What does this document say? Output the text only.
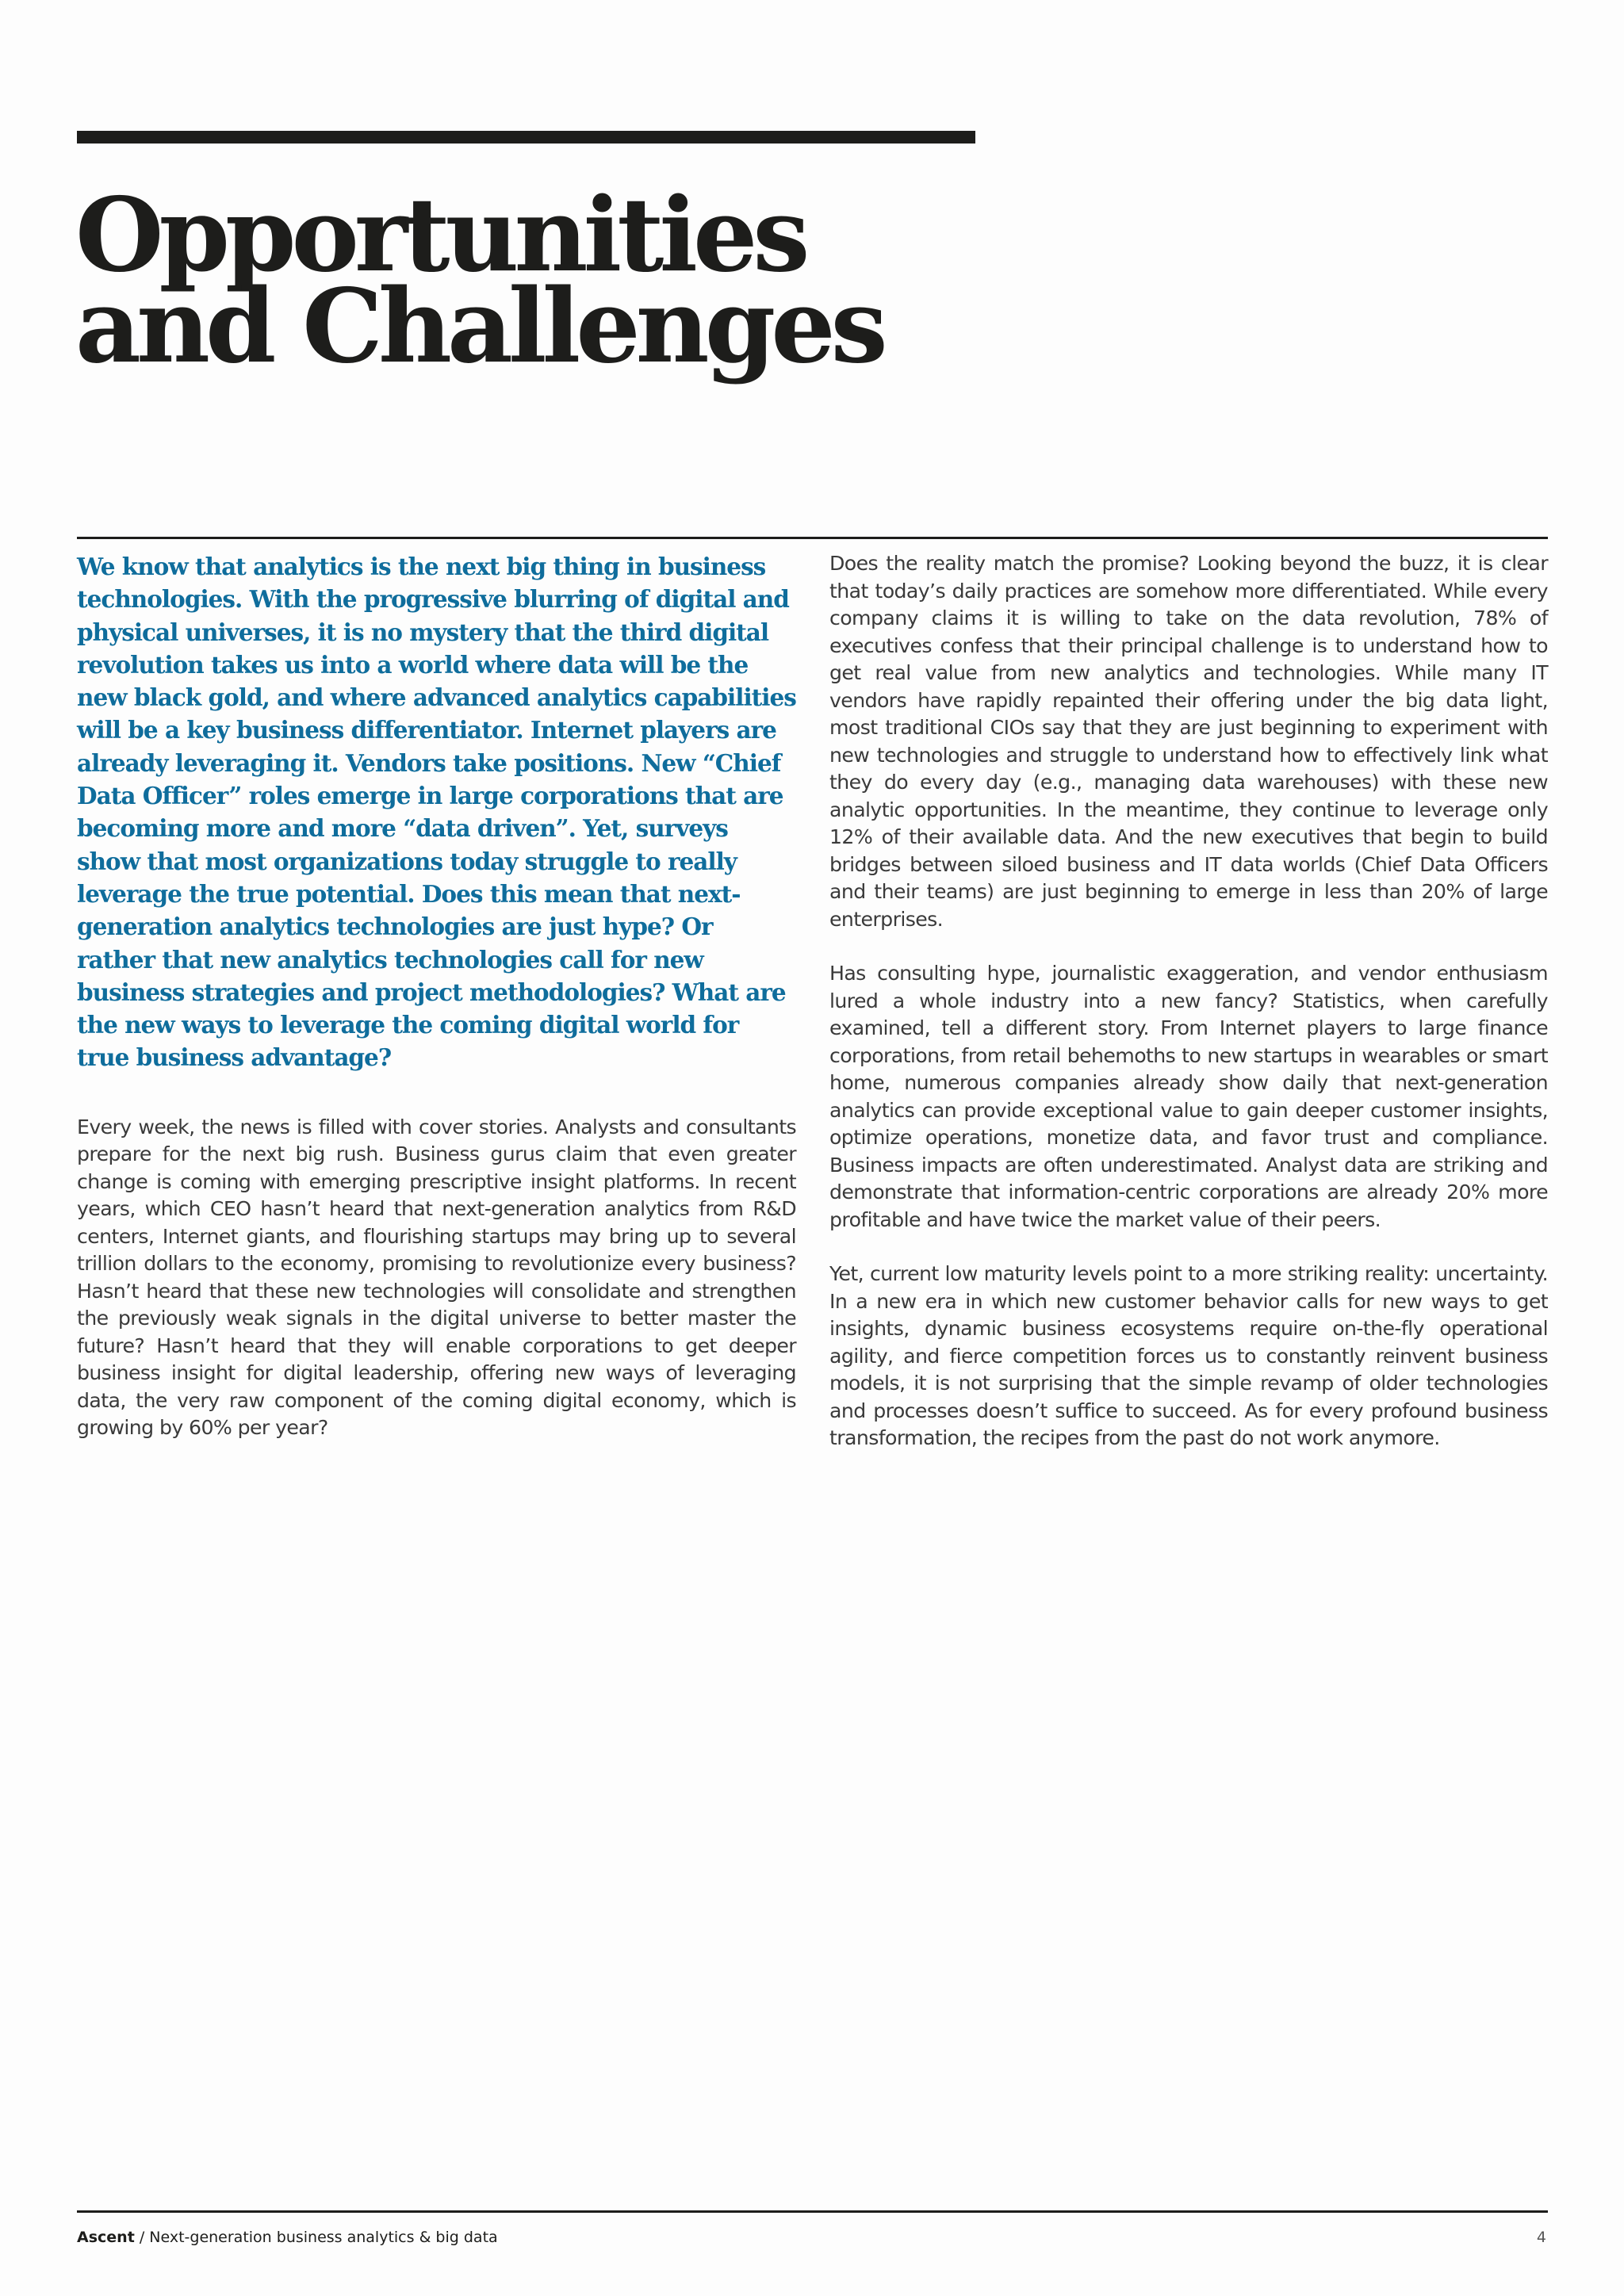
Opportunities and Challenges

We know that analytics is the next big thing in business technologies. With the progressive blurring of digital and physical universes, it is no mystery that the third digital revolution takes us into a world where data will be the new black gold, and where advanced analytics capabilities will be a key business differentiator. Internet players are already leveraging it. Vendors take positions. New “Chief Data Officer” roles emerge in large corporations that are becoming more and more “data driven”. Yet, surveys show that most organizations today struggle to really leverage the true potential. Does this mean that next-generation analytics technologies are just hype? Or rather that new analytics technologies call for new business strategies and project methodologies? What are the new ways to leverage the coming digital world for true business advantage?

Every week, the news is filled with cover stories. Analysts and consultants prepare for the next big rush. Business gurus claim that even greater change is coming with emerging prescriptive insight platforms. In recent years, which CEO hasn’t heard that next-generation analytics from R&D centers, Internet giants, and flourishing startups may bring up to several trillion dollars to the economy, promising to revolutionize every business? Hasn’t heard that these new technologies will consolidate and strengthen the previously weak signals in the digital universe to better master the future? Hasn’t heard that they will enable corporations to get deeper business insight for digital leadership, offering new ways of leveraging data, the very raw component of the coming digital economy, which is growing by 60% per year?

Does the reality match the promise? Looking beyond the buzz, it is clear that today’s daily practices are somehow more differentiated. While every company claims it is willing to take on the data revolution, 78% of executives confess that their principal challenge is to understand how to get real value from new analytics and technologies. While many IT vendors have rapidly repainted their offering under the big data light, most traditional CIOs say that they are just beginning to experiment with new technologies and struggle to understand how to effectively link what they do every day (e.g., managing data warehouses) with these new analytic opportunities. In the meantime, they continue to leverage only 12% of their available data. And the new executives that begin to build bridges between siloed business and IT data worlds (Chief Data Officers and their teams) are just beginning to emerge in less than 20% of large enterprises.

Has consulting hype, journalistic exaggeration, and vendor enthusiasm lured a whole industry into a new fancy? Statistics, when carefully examined, tell a different story. From Internet players to large finance corporations, from retail behemoths to new startups in wearables or smart home, numerous companies already show daily that next-generation analytics can provide exceptional value to gain deeper customer insights, optimize operations, monetize data, and favor trust and compliance. Business impacts are often underestimated. Analyst data are striking and demonstrate that information-centric corporations are already 20% more profitable and have twice the market value of their peers.

Yet, current low maturity levels point to a more striking reality: uncertainty. In a new era in which new customer behavior calls for new ways to get insights, dynamic business ecosystems require on-the-fly operational agility, and fierce competition forces us to constantly reinvent business models, it is not surprising that the simple revamp of older technologies and processes doesn’t suffice to succeed. As for every profound business transformation, the recipes from the past do not work anymore.

Ascent / Next-generation business analytics & big data	4
